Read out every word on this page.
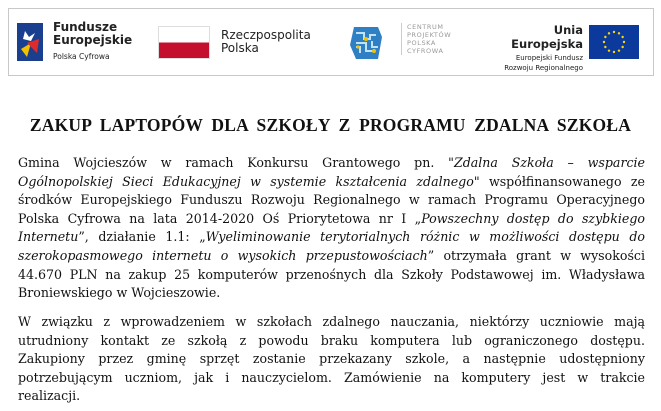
Fundusze
Europejskie
Polska Cyfrowa
Rzeczpospolita
Polska
CENTRUM
PROJEKTÓW
POLSKA
CYFROWA
Unia Europejska
Europejski Fundusz
Rozwoju Regionalnego
ZAKUP LAPTOPÓW DLA SZKOŁY Z PROGRAMU ZDALNA SZKOŁA
Gmina Wojcieszów w ramach Konkursu Grantowego pn. "Zdalna Szkoła – wsparcie
Ogólnopolskiej Sieci Edukacyjnej w systemie kształcenia zdalnego" współfinansowanego ze
środków Europejskiego Funduszu Rozwoju Regionalnego w ramach Programu Operacyjnego
Polska Cyfrowa na lata 2014-2020 Oś Priorytetowa nr I „Powszechny dostęp do szybkiego
Internetu”, działanie 1.1: „Wyeliminowanie terytorialnych różnic w możliwości dostępu do
szerokopasmowego internetu o wysokich przepustowościach” otrzymała grant w wysokości
44.670 PLN na zakup 25 komputerów przenośnych dla Szkoły Podstawowej im. Władysława
Broniewskiego w Wojcieszowie.
W związku z wprowadzeniem w szkołach zdalnego nauczania, niektórzy uczniowie mają
utrudniony kontakt ze szkołą z powodu braku komputera lub ograniczonego dostępu.
Zakupiony przez gminę sprzęt zostanie przekazany szkole, a następnie udostępniony
potrzebującym uczniom, jak i nauczycielom. Zamówienie na komputery jest w trakcie
realizacji.
